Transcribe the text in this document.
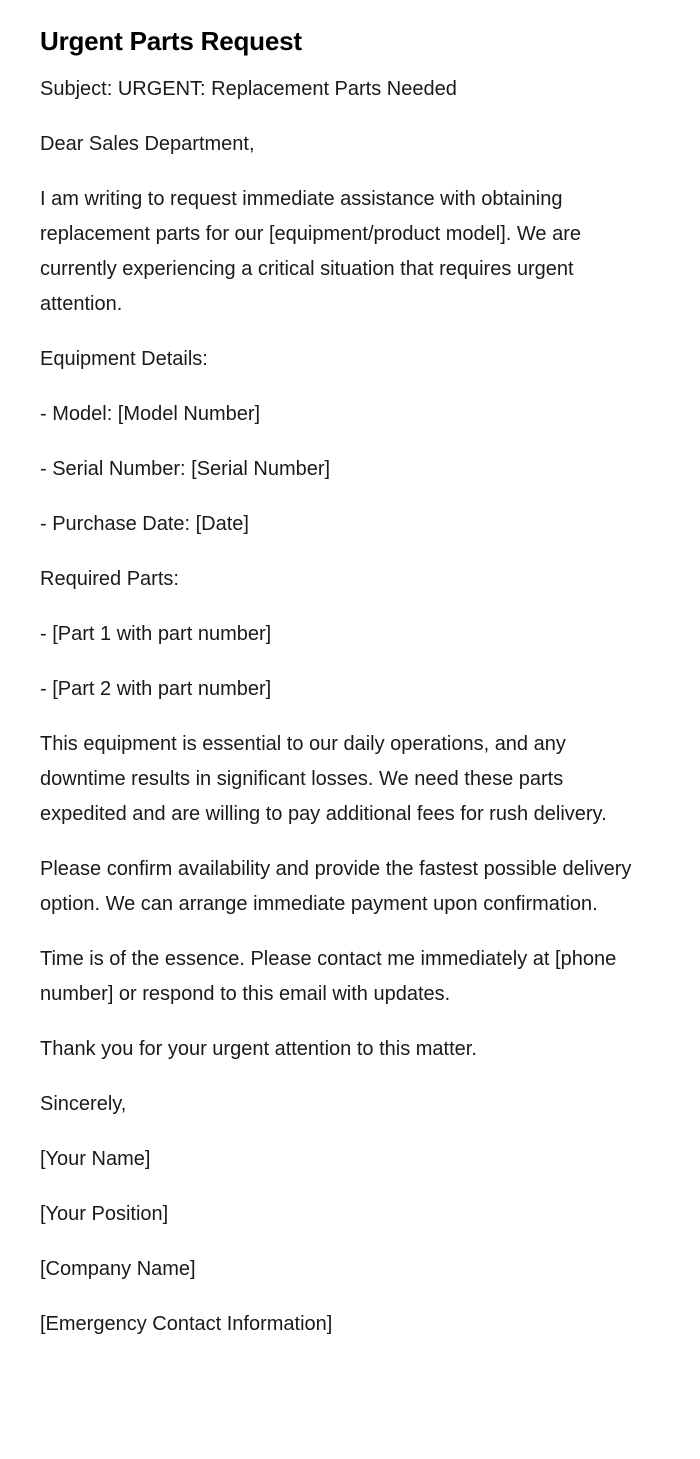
Urgent Parts Request

Subject: URGENT: Replacement Parts Needed

Dear Sales Department,

I am writing to request immediate assistance with obtaining replacement parts for our [equipment/product model]. We are currently experiencing a critical situation that requires urgent attention.

Equipment Details:

- Model: [Model Number]

- Serial Number: [Serial Number]

- Purchase Date: [Date]

Required Parts:

- [Part 1 with part number]

- [Part 2 with part number]

This equipment is essential to our daily operations, and any downtime results in significant losses. We need these parts expedited and are willing to pay additional fees for rush delivery.

Please confirm availability and provide the fastest possible delivery option. We can arrange immediate payment upon confirmation.

Time is of the essence. Please contact me immediately at [phone number] or respond to this email with updates.

Thank you for your urgent attention to this matter.

Sincerely,

[Your Name]

[Your Position]

[Company Name]

[Emergency Contact Information]
